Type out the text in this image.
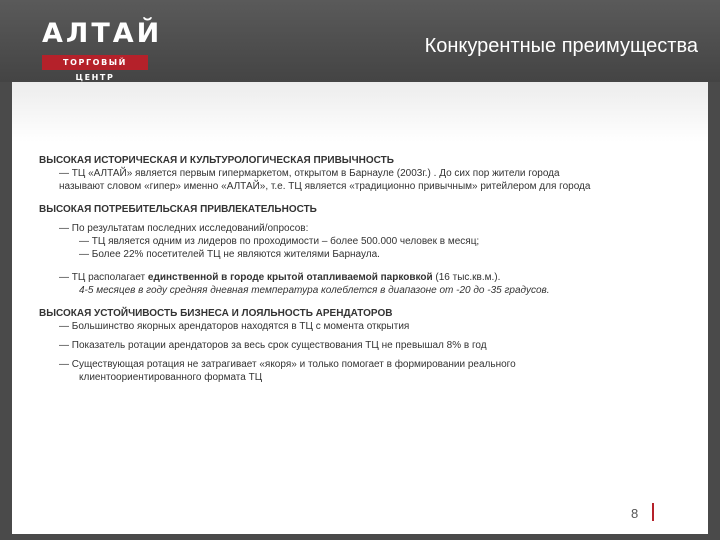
АЛТАЙ
ТОРГОВЫЙ ЦЕНТР
Конкурентные преимущества

ВЫСОКАЯ ИСТОРИЧЕСКАЯ И КУЛЬТУРОЛОГИЧЕСКАЯ ПРИВЫЧНОСТЬ

— ТЦ «АЛТАЙ» является первым гипермаркетом, открытом в Барнауле (2003г.) . До сих пор жители города

называют словом «гипер» именно «АЛТАЙ», т.е. ТЦ является «традиционно привычным» ритейлером для города

ВЫСОКАЯ ПОТРЕБИТЕЛЬСКАЯ ПРИВЛЕКАТЕЛЬНОСТЬ

— По результатам последних исследований/опросов:

— ТЦ является одним из лидеров по проходимости – более 500.000 человек в месяц;

— Более 22% посетителей ТЦ не являются жителями Барнаула.

— ТЦ располагает единственной в городе крытой отапливаемой парковкой (16 тыс.кв.м.).

4-5 месяцев в году средняя дневная температура колеблется в диапазоне от -20 до -35 градусов.

ВЫСОКАЯ УСТОЙЧИВОСТЬ БИЗНЕСА И ЛОЯЛЬНОСТЬ АРЕНДАТОРОВ

— Большинство якорных арендаторов находятся в ТЦ с момента открытия

— Показатель ротации арендаторов за весь срок существования ТЦ не превышал 8% в год

— Существующая ротация не затрагивает «якоря» и только помогает в формировании реального

клиентоориентированного формата ТЦ

8
